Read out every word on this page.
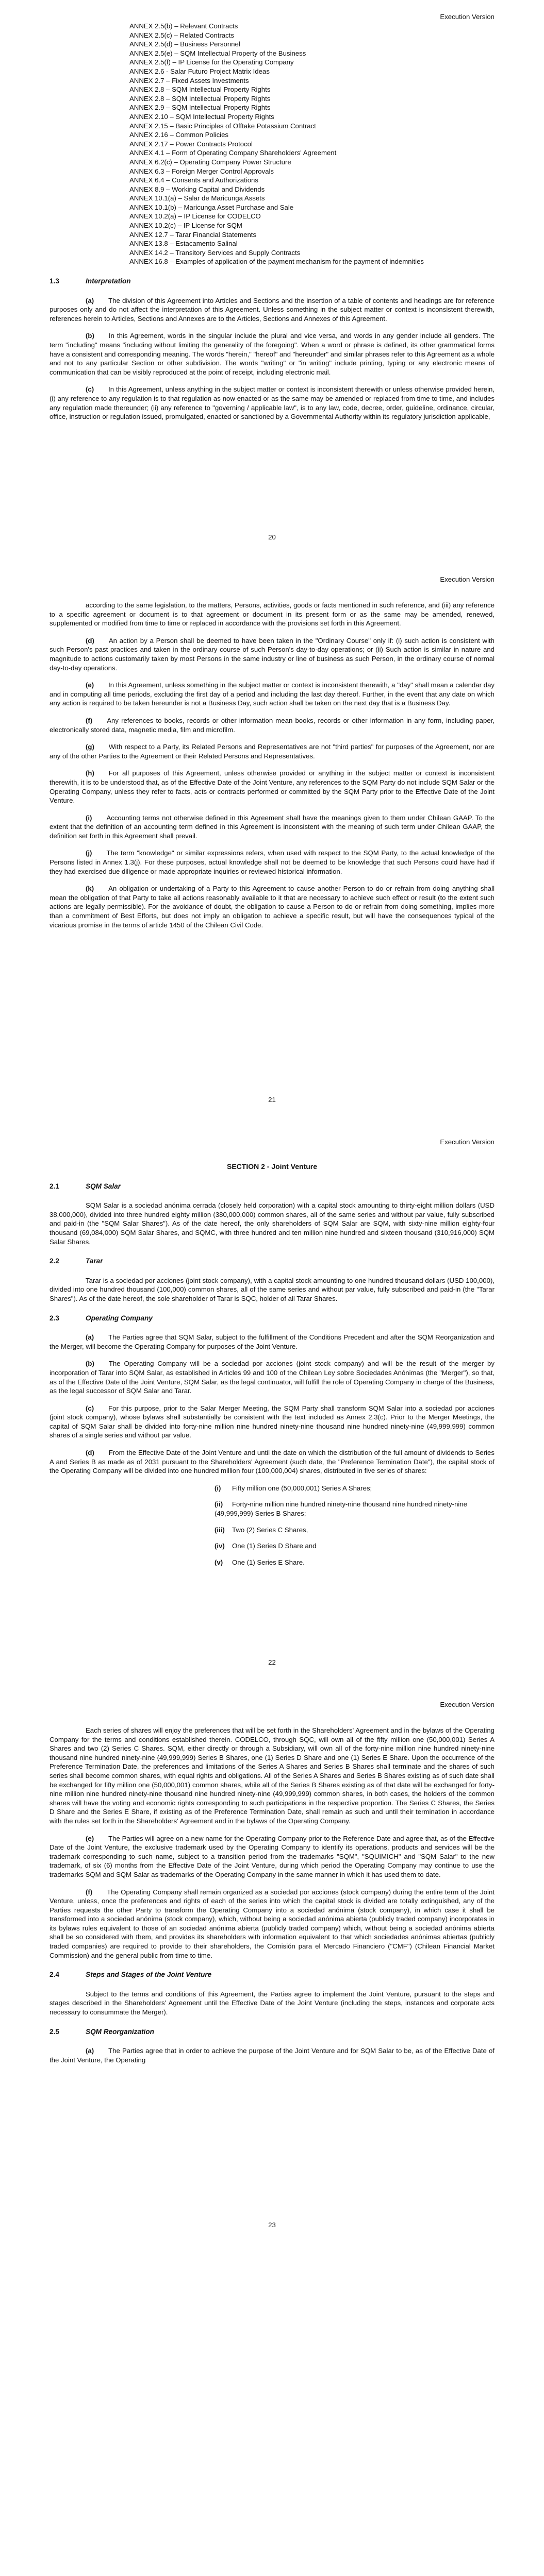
Execution Version
ANNEX 2.5(b) – Relevant Contracts
ANNEX 2.5(c) – Related Contracts
ANNEX 2.5(d) – Business Personnel
ANNEX 2.5(e) – SQM Intellectual Property of the Business
ANNEX 2.5(f) – IP License for the Operating Company
ANNEX 2.6 - Salar Futuro Project Matrix Ideas
ANNEX 2.7 – Fixed Assets Investments
ANNEX 2.8 – SQM Intellectual Property Rights
ANNEX 2.8 – SQM Intellectual Property Rights
ANNEX 2.9 – SQM Intellectual Property Rights
ANNEX 2.10 – SQM Intellectual Property Rights
ANNEX 2.15 – Basic Principles of Offtake Potassium Contract
ANNEX 2.16 – Common Policies
ANNEX 2.17 – Power Contracts Protocol
ANNEX 4.1 – Form of Operating Company Shareholders' Agreement
ANNEX 6.2(c) – Operating Company Power Structure
ANNEX 6.3 – Foreign Merger Control Approvals
ANNEX 6.4 – Consents and Authorizations
ANNEX 8.9 – Working Capital and Dividends
ANNEX 10.1(a) – Salar de Maricunga Assets
ANNEX 10.1(b) – Maricunga Asset Purchase and Sale
ANNEX 10.2(a) – IP License for CODELCO
ANNEX 10.2(c) – IP License for SQM
ANNEX 12.7 – Tarar Financial Statements
ANNEX 13.8 – Estacamento Salinal
ANNEX 14.2 – Transitory Services and Supply Contracts
ANNEX 16.8 – Examples of application of the payment mechanism for the payment of indemnities
1.3	Interpretation

(a) The division of this Agreement into Articles and Sections and the insertion of a table of contents and headings are for reference purposes only and do not affect the interpretation of this Agreement. Unless something in the subject matter or context is inconsistent therewith, references herein to Articles, Sections and Annexes are to the Articles, Sections and Annexes of this Agreement.

(b) In this Agreement, words in the singular include the plural and vice versa, and words in any gender include all genders. The term "including" means "including without limiting the generality of the foregoing". When a word or phrase is defined, its other grammatical forms have a consistent and corresponding meaning. The words "herein," "hereof" and "hereunder" and similar phrases refer to this Agreement as a whole and not to any particular Section or other subdivision. The words "writing" or "in writing" include printing, typing or any electronic means of communication that can be visibly reproduced at the point of receipt, including electronic mail.

(c) In this Agreement, unless anything in the subject matter or context is inconsistent therewith or unless otherwise provided herein, (i) any reference to any regulation is to that regulation as now enacted or as the same may be amended or replaced from time to time, and includes any regulation made thereunder; (ii) any reference to "governing / applicable law", is to any law, code, decree, order, guideline, ordinance, circular, office, instruction or regulation issued, promulgated, enacted or sanctioned by a Governmental Authority within its regulatory jurisdiction applicable,

20
Execution Version

according to the same legislation, to the matters, Persons, activities, goods or facts mentioned in such reference, and (iii) any reference to a specific agreement or document is to that agreement or document in its present form or as the same may be amended, renewed, supplemented or modified from time to time or replaced in accordance with the provisions set forth in this Agreement.

(d) An action by a Person shall be deemed to have been taken in the "Ordinary Course" only if: (i) such action is consistent with such Person's past practices and taken in the ordinary course of such Person's day-to-day operations; or (ii) Such action is similar in nature and magnitude to actions customarily taken by most Persons in the same industry or line of business as such Person, in the ordinary course of normal day-to-day operations.

(e) In this Agreement, unless something in the subject matter or context is inconsistent therewith, a "day" shall mean a calendar day and in computing all time periods, excluding the first day of a period and including the last day thereof. Further, in the event that any date on which any action is required to be taken hereunder is not a Business Day, such action shall be taken on the next day that is a Business Day.

(f) Any references to books, records or other information mean books, records or other information in any form, including paper, electronically stored data, magnetic media, film and microfilm.

(g) With respect to a Party, its Related Persons and Representatives are not "third parties" for purposes of the Agreement, nor are any of the other Parties to the Agreement or their Related Persons and Representatives.

(h) For all purposes of this Agreement, unless otherwise provided or anything in the subject matter or context is inconsistent therewith, it is to be understood that, as of the Effective Date of the Joint Venture, any references to the SQM Party do not include SQM Salar or the Operating Company, unless they refer to facts, acts or contracts performed or committed by the SQM Party prior to the Effective Date of the Joint Venture.

(i) Accounting terms not otherwise defined in this Agreement shall have the meanings given to them under Chilean GAAP. To the extent that the definition of an accounting term defined in this Agreement is inconsistent with the meaning of such term under Chilean GAAP, the definition set forth in this Agreement shall prevail.

(j) The term "knowledge" or similar expressions refers, when used with respect to the SQM Party, to the actual knowledge of the Persons listed in Annex 1.3(j). For these purposes, actual knowledge shall not be deemed to be knowledge that such Persons could have had if they had exercised due diligence or made appropriate inquiries or reviewed historical information.

(k) An obligation or undertaking of a Party to this Agreement to cause another Person to do or refrain from doing anything shall mean the obligation of that Party to take all actions reasonably available to it that are necessary to achieve such effect or result (to the extent such actions are legally permissible). For the avoidance of doubt, the obligation to cause a Person to do or refrain from doing something, implies more than a commitment of Best Efforts, but does not imply an obligation to achieve a specific result, but will have the consequences typical of the vicarious promise in the terms of article 1450 of the Chilean Civil Code.

21
Execution Version
SECTION 2 - Joint Venture
2.1	SQM Salar

SQM Salar is a sociedad anónima cerrada (closely held corporation) with a capital stock amounting to thirty-eight million dollars (USD 38,000,000), divided into three hundred eighty million (380,000,000) common shares, all of the same series and without par value, fully subscribed and paid-in (the "SQM Salar Shares"). As of the date hereof, the only shareholders of SQM Salar are SQM, with sixty-nine million eighty-four thousand (69,084,000) SQM Salar Shares, and SQMC, with three hundred and ten million nine hundred and sixteen thousand (310,916,000) SQM Salar Shares.

2.2	Tarar

Tarar is a sociedad por acciones (joint stock company), with a capital stock amounting to one hundred thousand dollars (USD 100,000), divided into one hundred thousand (100,000) common shares, all of the same series and without par value, fully subscribed and paid-in (the "Tarar Shares"). As of the date hereof, the sole shareholder of Tarar is SQC, holder of all Tarar Shares.

2.3	Operating Company

(a) The Parties agree that SQM Salar, subject to the fulfillment of the Conditions Precedent and after the SQM Reorganization and the Merger, will become the Operating Company for purposes of the Joint Venture.

(b) The Operating Company will be a sociedad por acciones (joint stock company) and will be the result of the merger by incorporation of Tarar into SQM Salar, as established in Articles 99 and 100 of the Chilean Ley sobre Sociedades Anónimas (the "Merger"), so that, as of the Effective Date of the Joint Venture, SQM Salar, as the legal continuator, will fulfill the role of Operating Company in charge of the Business, as the legal successor of SQM Salar and Tarar.

(c) For this purpose, prior to the Salar Merger Meeting, the SQM Party shall transform SQM Salar into a sociedad por acciones (joint stock company), whose bylaws shall substantially be consistent with the text included as Annex 2.3(c). Prior to the Merger Meetings, the capital of SQM Salar shall be divided into forty-nine million nine hundred ninety-nine thousand nine hundred ninety-nine (49,999,999) common shares of a single series and without par value.

(d) From the Effective Date of the Joint Venture and until the date on which the distribution of the full amount of dividends to Series A and Series B as made as of 2031 pursuant to the Shareholders' Agreement (such date, the "Preference Termination Date"), the capital stock of the Operating Company will be divided into one hundred million four (100,000,004) shares, distributed in five series of shares:

(i) Fifty million one (50,000,001) Series A Shares;
(ii) Forty-nine million nine hundred ninety-nine thousand nine hundred ninety-nine (49,999,999) Series B Shares;
(iii) Two (2) Series C Shares,
(iv) One (1) Series D Share and
(v) One (1) Series E Share.
22
Execution Version

Each series of shares will enjoy the preferences that will be set forth in the Shareholders' Agreement and in the bylaws of the Operating Company for the terms and conditions established therein. CODELCO, through SQC, will own all of the fifty million one (50,000,001) Series A Shares and two (2) Series C Shares. SQM, either directly or through a Subsidiary, will own all of the forty-nine million nine hundred ninety-nine thousand nine hundred ninety-nine (49,999,999) Series B Shares, one (1) Series D Share and one (1) Series E Share. Upon the occurrence of the Preference Termination Date, the preferences and limitations of the Series A Shares and Series B Shares shall terminate and the shares of such series shall become common shares, with equal rights and obligations. All of the Series A Shares and Series B Shares existing as of such date shall be exchanged for fifty million one (50,000,001) common shares, while all of the Series B Shares existing as of that date will be exchanged for forty-nine million nine hundred ninety-nine thousand nine hundred ninety-nine (49,999,999) common shares, in both cases, the holders of the common shares will have the voting and economic rights corresponding to such participations in the respective proportion. The Series C Shares, the Series D Share and the Series E Share, if existing as of the Preference Termination Date, shall remain as such and until their termination in accordance with the rules set forth in the Shareholders' Agreement and in the bylaws of the Operating Company.

(e) The Parties will agree on a new name for the Operating Company prior to the Reference Date and agree that, as of the Effective Date of the Joint Venture, the exclusive trademark used by the Operating Company to identify its operations, products and services will be the trademark corresponding to such name, subject to a transition period from the trademarks "SQM", "SQUIMICH" and "SQM Salar" to the new trademark, of six (6) months from the Effective Date of the Joint Venture, during which period the Operating Company may continue to use the trademarks SQM and SQM Salar as trademarks of the Operating Company in the same manner in which it has used them to date.

(f) The Operating Company shall remain organized as a sociedad por acciones (stock company) during the entire term of the Joint Venture, unless, once the preferences and rights of each of the series into which the capital stock is divided are totally extinguished, any of the Parties requests the other Party to transform the Operating Company into a sociedad anónima (stock company), in which case it shall be transformed into a sociedad anónima (stock company), which, without being a sociedad anónima abierta (publicly traded company) incorporates in its bylaws rules equivalent to those of an sociedad anónima abierta (publicly traded company) which, without being a sociedad anónima abierta shall be so considered with them, and provides its shareholders with information equivalent to that which sociedades anónimas abiertas (publicly traded companies) are required to provide to their shareholders, the Comisión para el Mercado Financiero ("CMF") (Chilean Financial Market Commission) and the general public from time to time.

2.4	Steps and Stages of the Joint Venture

Subject to the terms and conditions of this Agreement, the Parties agree to implement the Joint Venture, pursuant to the steps and stages described in the Shareholders' Agreement until the Effective Date of the Joint Venture (including the steps, instances and corporate acts necessary to consummate the Merger).

2.5	SQM Reorganization

(a) The Parties agree that in order to achieve the purpose of the Joint Venture and for SQM Salar to be, as of the Effective Date of the Joint Venture, the Operating

23
